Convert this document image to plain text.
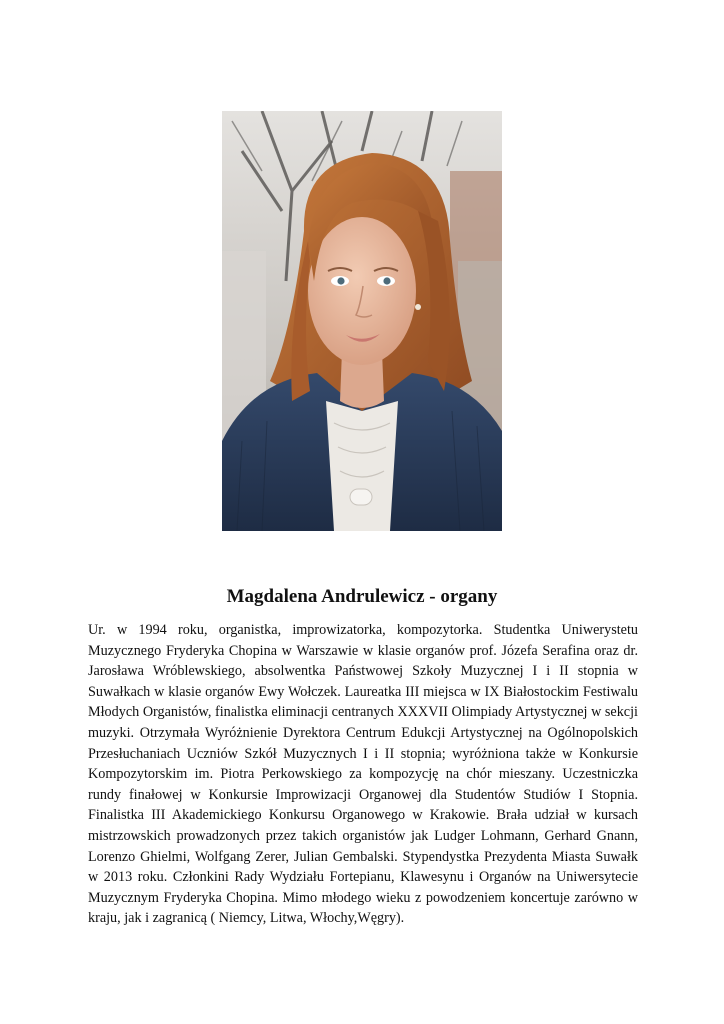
Magdalena Andrulewicz - organy

Ur. w 1994 roku, organistka, improwizatorka, kompozytorka. Studentka Uniwerystetu Muzycznego Fryderyka Chopina w Warszawie w klasie organów prof. Józefa Serafina oraz dr. Jarosława Wróblewskiego, absolwentka Państwowej Szkoły Muzycznej I i II stopnia w Suwałkach w klasie organów Ewy Wołczek. Laureatka III miejsca w IX Białostockim Festiwalu Młodych Organistów, finalistka eliminacji centranych XXXVII Olimpiady Artystycznej w sekcji muzyki. Otrzymała Wyróżnienie Dyrektora Centrum Edukcji Artystycznej na Ogólnopolskich Przesłuchaniach Uczniów Szkół Muzycznych I i II stopnia; wyróżniona także w Konkursie Kompozytorskim im. Piotra Perkowskiego za kompozycję na chór mieszany. Uczestniczka rundy finałowej w Konkursie Improwizacji Organowej dla Studentów Studiów I Stopnia. Finalistka III Akademickiego Konkursu Organowego w Krakowie. Brała udział w kursach mistrzowskich prowadzonych przez takich organistów jak Ludger Lohmann, Gerhard Gnann, Lorenzo Ghielmi, Wolfgang Zerer, Julian Gembalski. Stypendystka Prezydenta Miasta Suwałk w 2013 roku. Członkini Rady Wydziału Fortepianu, Klawesynu i Organów na Uniwersytecie Muzycznym Fryderyka Chopina. Mimo młodego wieku z powodzeniem koncertuje zarówno w kraju, jak i zagranicą ( Niemcy, Litwa, Włochy,Węgry).
